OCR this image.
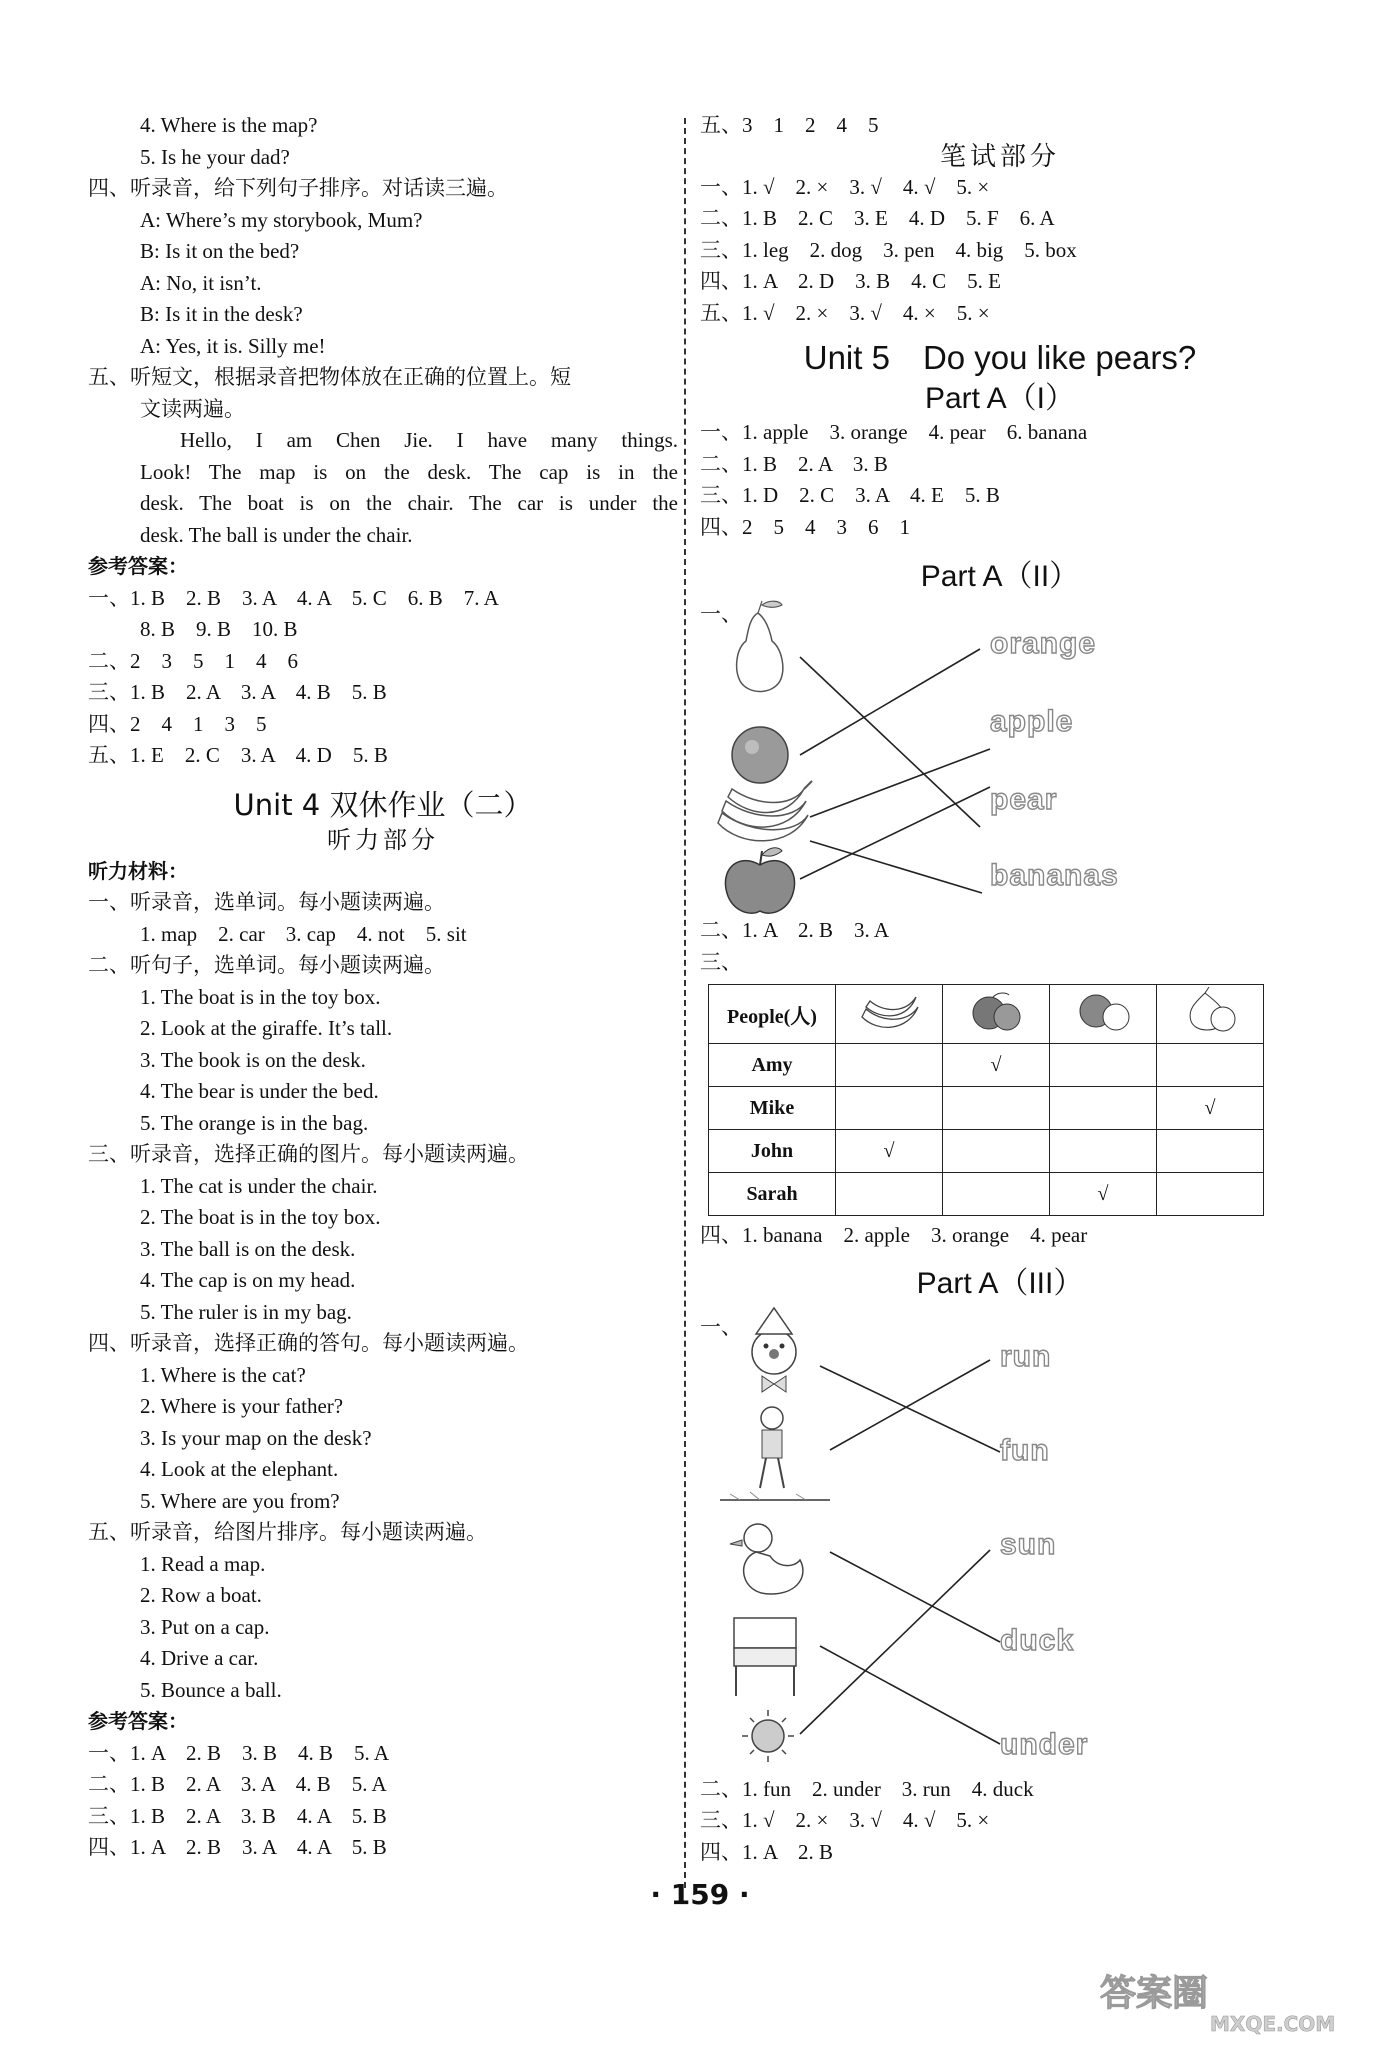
4. Where is the map?
5. Is he your dad?
四、听录音，给下列句子排序。对话读三遍。
A: Where’s my storybook, Mum?
B: Is it on the bed?
A: No, it isn’t.
B: Is it in the desk?
A: Yes, it is. Silly me!
五、听短文，根据录音把物体放在正确的位置上。短
文读两遍。
Hello, I am Chen Jie. I have many things.
Look! The map is on the desk. The cap is in the
desk. The boat is on the chair. The car is under the
desk. The ball is under the chair.
参考答案：
一、1. B　2. B　3. A　4. A　5. C　6. B　7. A
8. B　9. B　10. B
二、2　3　5　1　4　6
三、1. B　2. A　3. A　4. B　5. B
四、2　4　1　3　5
五、1. E　2. C　3. A　4. D　5. B
Unit 4 双休作业（二）
听力部分
听力材料：
一、听录音，选单词。每小题读两遍。
1. map　2. car　3. cap　4. not　5. sit
二、听句子，选单词。每小题读两遍。
1. The boat is in the toy box.
2. Look at the giraffe. It’s tall.
3. The book is on the desk.
4. The bear is under the bed.
5. The orange is in the bag.
三、听录音，选择正确的图片。每小题读两遍。
1. The cat is under the chair.
2. The boat is in the toy box.
3. The ball is on the desk.
4. The cap is on my head.
5. The ruler is in my bag.
四、听录音，选择正确的答句。每小题读两遍。
1. Where is the cat?
2. Where is your father?
3. Is your map on the desk?
4. Look at the elephant.
5. Where are you from?
五、听录音，给图片排序。每小题读两遍。
1. Read a map.
2. Row a boat.
3. Put on a cap.
4. Drive a car.
5. Bounce a ball.
参考答案：
一、1. A　2. B　3. B　4. B　5. A
二、1. B　2. A　3. A　4. B　5. A
三、1. B　2. A　3. B　4. A　5. B
四、1. A　2. B　3. A　4. A　5. B
五、3　1　2　4　5
笔试部分
一、1. √　2. ×　3. √　4. √　5. ×
二、1. B　2. C　3. E　4. D　5. F　6. A
三、1. leg　2. dog　3. pen　4. big　5. box
四、1. A　2. D　3. B　4. C　5. E
五、1. √　2. ×　3. √　4. ×　5. ×
Unit 5　Do you like pears?
Part A（I）
一、1. apple　3. orange　4. pear　6. banana
二、1. B　2. A　3. B
三、1. D　2. C　3. A　4. E　5. B
四、2　5　4　3　6　1
Part A（II）
一、
orange
apple
pear
bananas
二、1. A　2. B　3. A
三、
People(人)				
Amy		√		
Mike				√
John	√			
Sarah			√	
四、1. banana　2. apple　3. orange　4. pear
Part A（III）
一、
run
fun
sun
duck
under
二、1. fun　2. under　3. run　4. duck
三、1. √　2. ×　3. √　4. √　5. ×
四、1. A　2. B
· 159 ·
答案圈
MXQE.COM
